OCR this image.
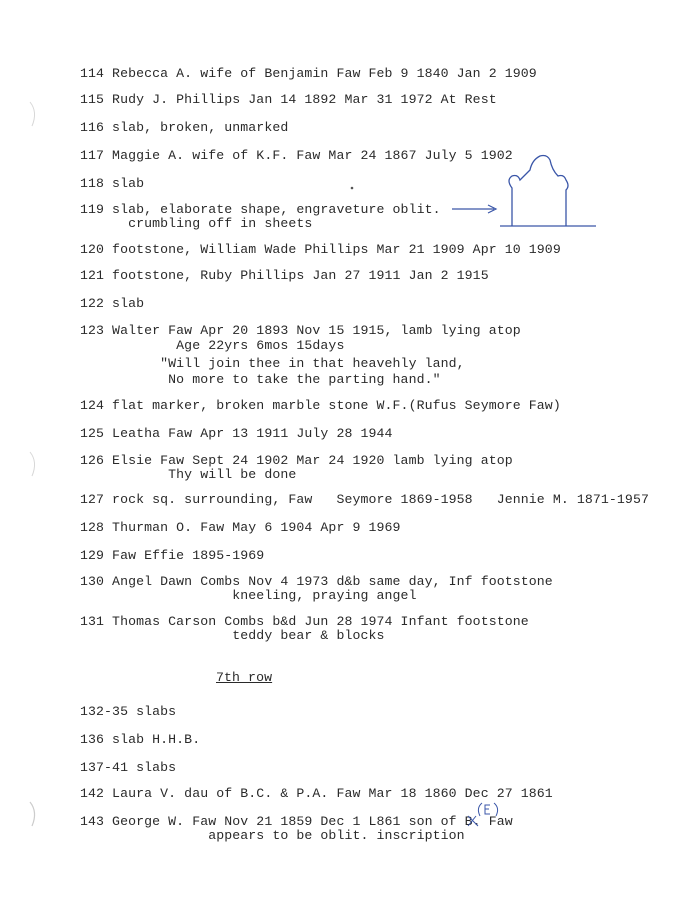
114 Rebecca A. wife of Benjamin Faw Feb 9 1840 Jan 2 1909
115 Rudy J. Phillips Jan 14 1892 Mar 31 1972 At Rest
116 slab, broken, unmarked
117 Maggie A. wife of K.F. Faw Mar 24 1867 July 5 1902
118 slab
119 slab, elaborate shape, engraveture oblit.
crumbling off in sheets
120 footstone, William Wade Phillips Mar 21 1909 Apr 10 1909
121 footstone, Ruby Phillips Jan 27 1911 Jan 2 1915
122 slab
123 Walter Faw Apr 20 1893 Nov 15 1915, lamb lying atop
Age 22yrs 6mos 15days
"Will join thee in that heavehly land,
No more to take the parting hand."
124 flat marker, broken marble stone W.F.(Rufus Seymore Faw)
125 Leatha Faw Apr 13 1911 July 28 1944
126 Elsie Faw Sept 24 1902 Mar 24 1920 lamb lying atop
Thy will be done
127 rock sq. surrounding, Faw   Seymore 1869-1958   Jennie M. 1871-1957
128 Thurman O. Faw May 6 1904 Apr 9 1969
129 Faw Effie 1895-1969
130 Angel Dawn Combs Nov 4 1973 d&b same day, Inf footstone
kneeling, praying angel
131 Thomas Carson Combs b&d Jun 28 1974 Infant footstone
teddy bear & blocks
7th row
132-35 slabs
136 slab H.H.B.
137-41 slabs
142 Laura V. dau of B.C. & P.A. Faw Mar 18 1860 Dec 27 1861
143 George W. Faw Nov 21 1859 Dec 1 L861 son of B. Faw
appears to be oblit. inscription
